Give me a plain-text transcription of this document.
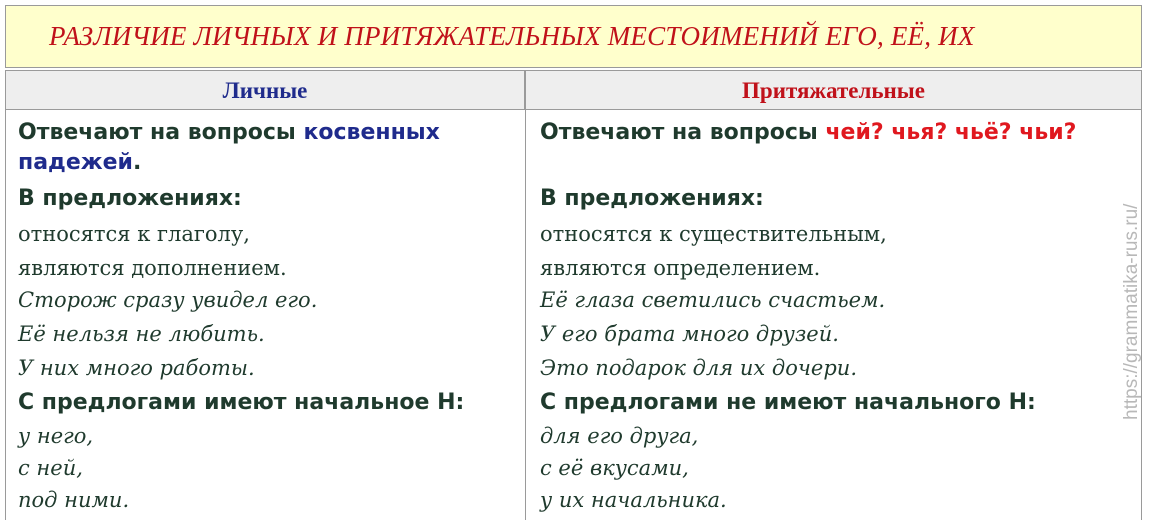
РАЗЛИЧИЕ ЛИЧНЫХ И ПРИТЯЖАТЕЛЬНЫХ МЕСТОИМЕНИЙ ЕГО, ЕЁ, ИХ
Личные	Притяжательные
Отвечают на вопросы косвенных
падежей.
В предложениях:
относятся к глаголу,
являются дополнением.
Сторож сразу увидел его.
Её нельзя не любить.
У них много работы.
С предлогами имеют начальное Н:
у него,
с ней,
под ними.
Отвечают на вопросы чей? чья? чьё? чьи?
В предложениях:
относятся к существительным,
являются определением.
Её глаза светились счастьем.
У его брата много друзей.
Это подарок для их дочери.
С предлогами не имеют начального Н:
для его друга,
с её вкусами,
у их начальника.
https://grammatika-rus.ru/
